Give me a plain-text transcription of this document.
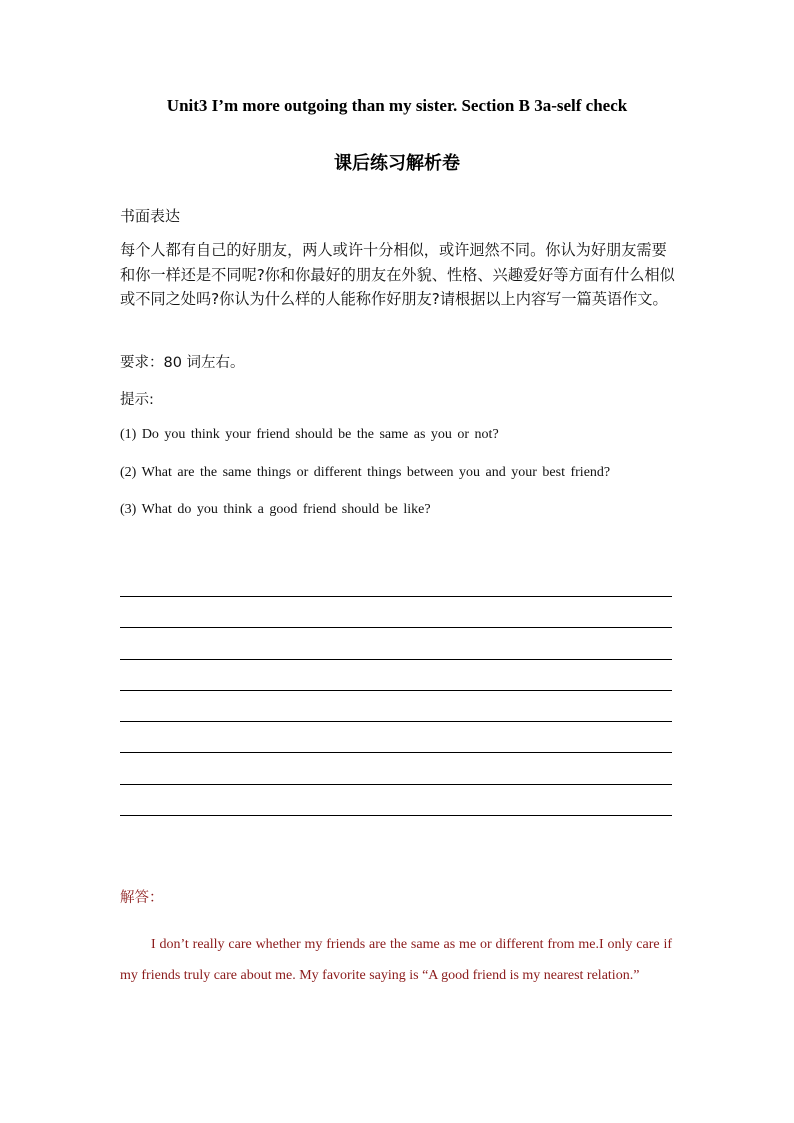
Unit3 I’m more outgoing than my sister. Section B 3a-self check
课后练习解析卷
书面表达
每个人都有自己的好朋友，两人或许十分相似，或许迥然不同。你认为好朋友需要和你一样还是不同呢?你和你最好的朋友在外貌、性格、兴趣爱好等方面有什么相似或不同之处吗?你认为什么样的人能称作好朋友?请根据以上内容写一篇英语作文。
要求：80 词左右。
提示:
(1) Do you think your friend should be the same as you or not?
(2) What are the same things or different things between you and your best friend?
(3) What do you think a good friend should be like?
解答：
I don’t really care whether my friends are the same as me or different from me.I only care if my friends truly care about me. My favorite saying is “A good friend is my nearest relation.”
